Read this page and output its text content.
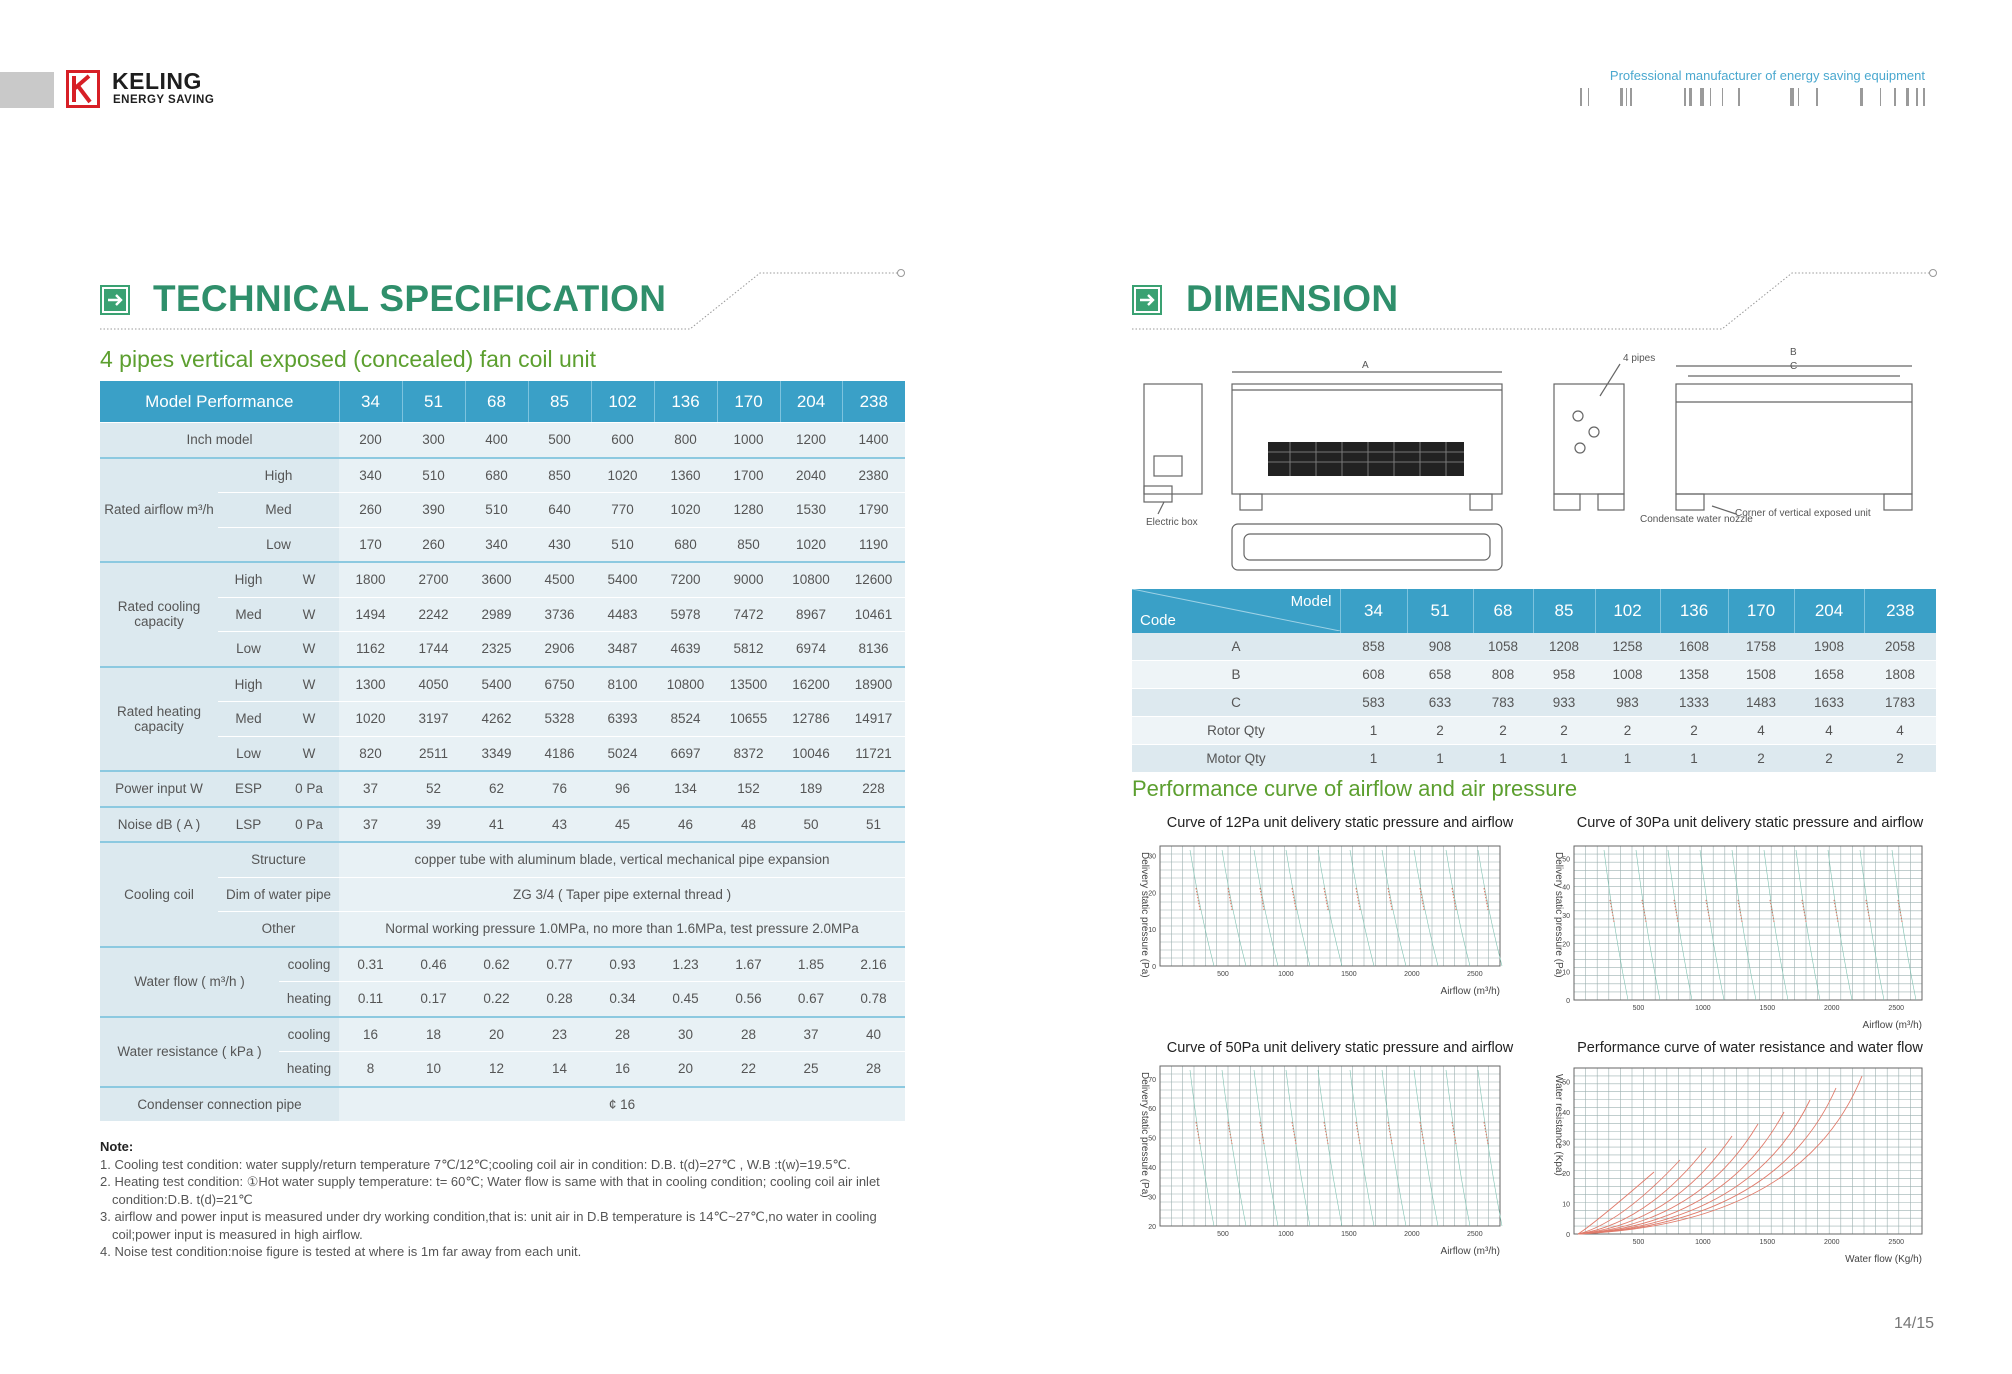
KELING
ENERGY SAVING
Professional manufacturer of energy saving equipment
TECHNICAL SPECIFICATION
4 pipes vertical exposed (concealed) fan coil unit
Model Performance			34	51	68	85	102	136	170	204	238
Inch model			200	300	400	500	600	800	1000	1200	1400
Rated airflow m³/h	High		340	510	680	850	1020	1360	1700	2040	2380
	Med		260	390	510	640	770	1020	1280	1530	1790
	Low		170	260	340	430	510	680	850	1020	1190
Rated cooling capacity	High	W	1800	2700	3600	4500	5400	7200	9000	10800	12600
	Med	W	1494	2242	2989	3736	4483	5978	7472	8967	10461
	Low	W	1162	1744	2325	2906	3487	4639	5812	6974	8136
Rated heating capacity	High	W	1300	4050	5400	6750	8100	10800	13500	16200	18900
	Med	W	1020	3197	4262	5328	6393	8524	10655	12786	14917
	Low	W	820	2511	3349	4186	5024	6697	8372	10046	11721
Power input W	ESP	0 Pa	37	52	62	76	96	134	152	189	228
Noise dB ( A )	LSP	0 Pa	37	39	41	43	45	46	48	50	51
Cooling coil	Structure		copper tube with aluminum blade, vertical mechanical pipe expansion								
	Dim of water pipe		ZG 3/4 ( Taper pipe external thread )								
	Other		Normal working pressure 1.0MPa, no more than 1.6MPa, test pressure 2.0MPa								
Water flow ( m³/h )		cooling	0.31	0.46	0.62	0.77	0.93	1.23	1.67	1.85	2.16
		heating	0.11	0.17	0.22	0.28	0.34	0.45	0.56	0.67	0.78
Water resistance ( kPa )		cooling	16	18	20	23	28	30	28	37	40
		heating	8	10	12	14	16	20	22	25	28
Condenser connection pipe			¢ 16								
Note:
1. Cooling test condition: water supply/return temperature 7℃/12℃;cooling coil air in condition: D.B. t(d)=27℃ , W.B :t(w)=19.5℃.
2. Heating test condition: ①Hot water supply temperature: t= 60℃; Water flow is same with that in cooling condition; cooling coil air inlet
condition:D.B. t(d)=21℃
3. airflow and power input is measured under dry working condition,that is: unit air in D.B temperature is 14℃~27℃,no water in cooling
coil;power input is measured in high airflow.
4. Noise test condition:noise figure is tested at where is 1m far away from each unit.
DIMENSION
A
B
C
4 pipes
Electric box
Corner of vertical exposed unit
Condensate water nozzle
Model
Code	34	51	68	85	102	136	170	204	238
A	858	908	1058	1208	1258	1608	1758	1908	2058
B	608	658	808	958	1008	1358	1508	1658	1808
C	583	633	783	933	983	1333	1483	1633	1783
Rotor Qty	1	2	2	2	2	2	4	4	4
Motor Qty	1	1	1	1	1	1	2	2	2
Performance curve of airflow and air pressure
Curve of 12Pa unit delivery static pressure and airflow
0
10
20
30
500	1000	1500	2000	2500
Delivery static pressure (Pa)
Airflow (m³/h)
Curve of 30Pa unit delivery static pressure and airflow
0
10
20
30
40
50
500	1000	1500	2000	2500
Delivery static pressure (Pa)
Airflow (m³/h)
Curve of 50Pa unit delivery static pressure and airflow
20
30
40
50
60
70
500	1000	1500	2000	2500
Delivery static pressure (Pa)
Airflow (m³/h)
Performance curve of water resistance and water flow
0
10
20
30
40
50
500	1000	1500	2000	2500
Water resistance (Kpa)
Water flow (Kg/h)
14/15
